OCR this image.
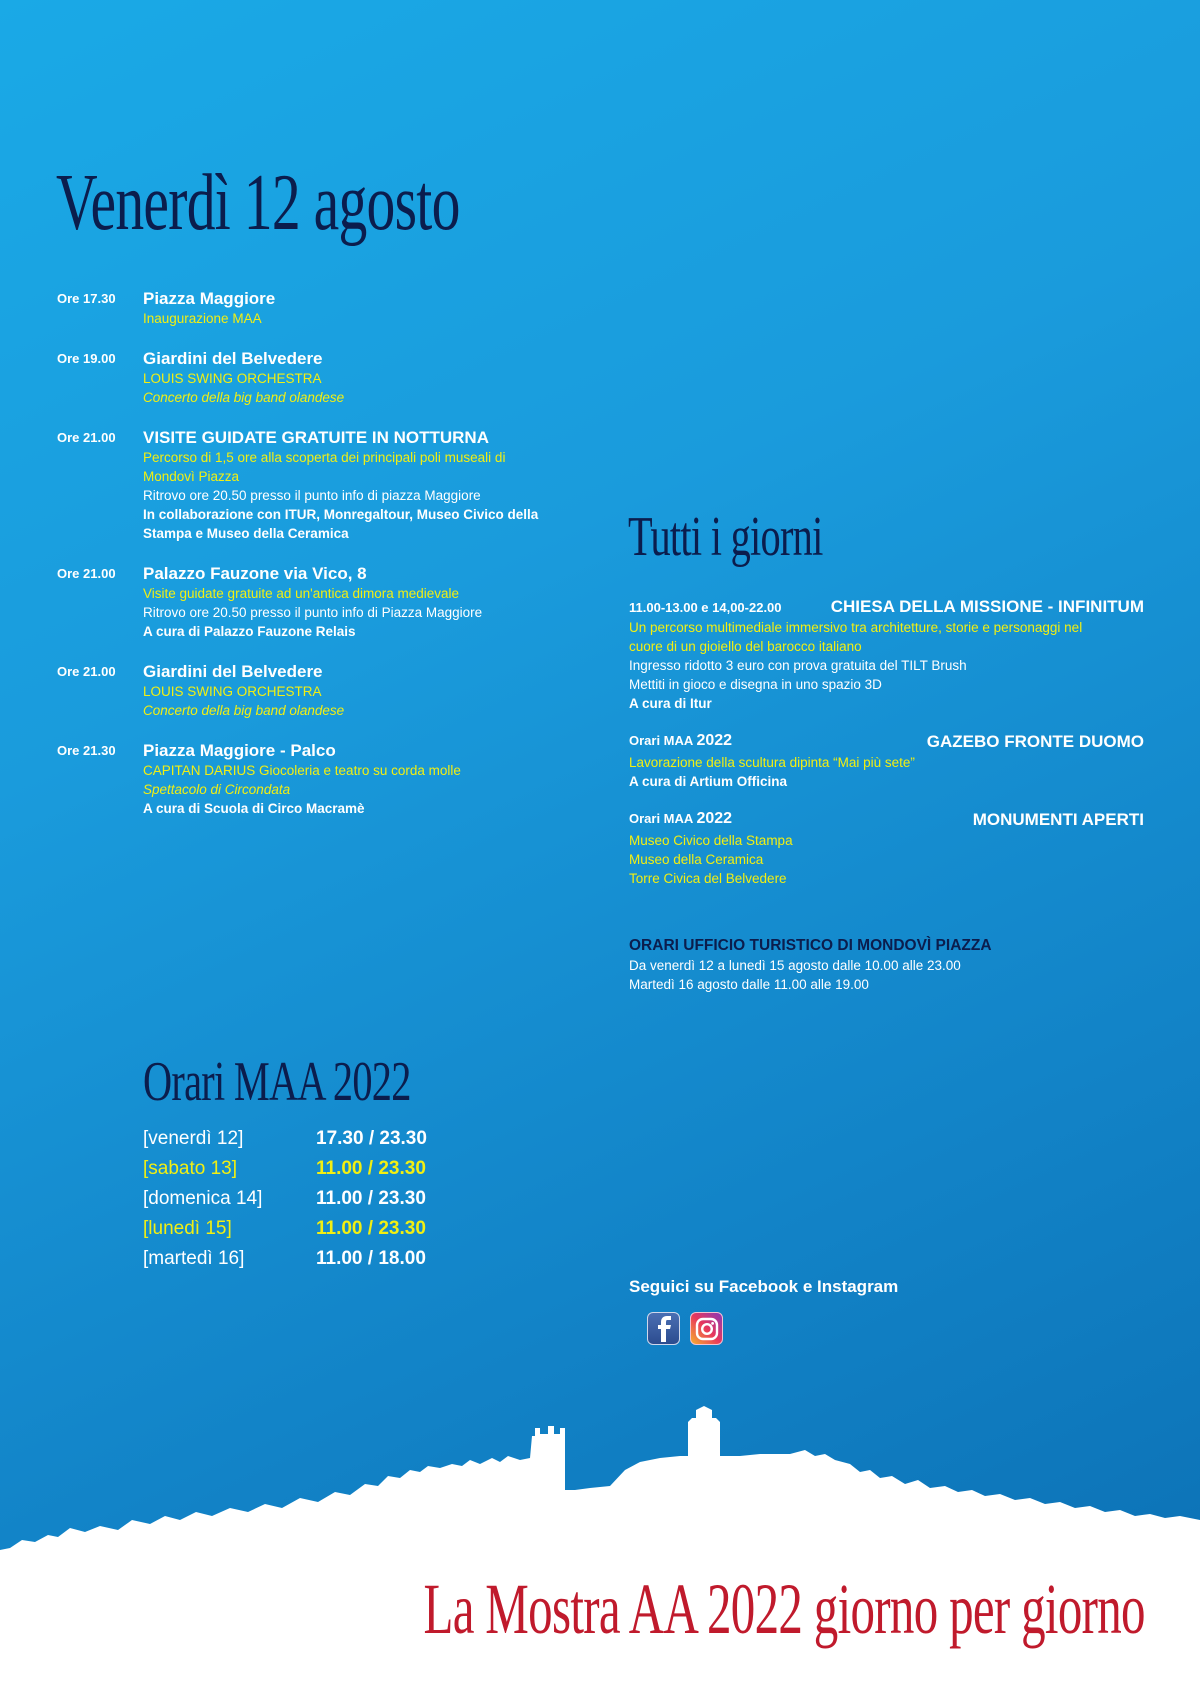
Venerdì 12 agosto
Tutti i giorni
Orari MAA 2022
Ore 17.30 Piazza Maggiore
Inaugurazione MAA
Ore 19.00 Giardini del Belvedere
LOUIS SWING ORCHESTRA
Concerto della big band olandese
Ore 21.00 VISITE GUIDATE GRATUITE IN NOTTURNA
Percorso di 1,5 ore alla scoperta dei principali poli museali di
Mondovì Piazza
Ritrovo ore 20.50 presso il punto info di piazza Maggiore
In collaborazione con ITUR, Monregaltour, Museo Civico della
Stampa e Museo della Ceramica
Ore 21.00 Palazzo Fauzone via Vico, 8
Visite guidate gratuite ad un'antica dimora medievale
Ritrovo ore 20.50 presso il punto info di Piazza Maggiore
A cura di Palazzo Fauzone Relais
Ore 21.00 Giardini del Belvedere
LOUIS SWING ORCHESTRA
Concerto della big band olandese
Ore 21.30 Piazza Maggiore - Palco
CAPITAN DARIUS Giocoleria e teatro su corda molle
Spettacolo di Circondata
A cura di Scuola di Circo Macramè
11.00-13.00 e 14,00-22.00	CHIESA DELLA MISSIONE - INFINITUM
Un percorso multimediale immersivo tra architetture, storie e personaggi nel
cuore di un gioiello del barocco italiano
Ingresso ridotto 3 euro con prova gratuita del TILT Brush
Mettiti in gioco e disegna in uno spazio 3D
A cura di Itur
Orari MAA 2022	GAZEBO FRONTE DUOMO
Lavorazione della scultura dipinta “Mai più sete”
A cura di Artium Officina
Orari MAA 2022	MONUMENTI APERTI
Museo Civico della Stampa
Museo della Ceramica
Torre Civica del Belvedere
ORARI UFFICIO TURISTICO DI MONDOVÌ PIAZZA
Da venerdì 12 a lunedì 15 agosto dalle 10.00 alle 23.00
Martedì 16 agosto dalle 11.00 alle 19.00
[venerdì 12]	17.30 / 23.30
[sabato 13]	11.00 / 23.30
[domenica 14]	11.00 / 23.30
[lunedì 15]	11.00 / 23.30
[martedì 16]	11.00 / 18.00
Seguici su Facebook e Instagram
La Mostra AA 2022 giorno per giorno
